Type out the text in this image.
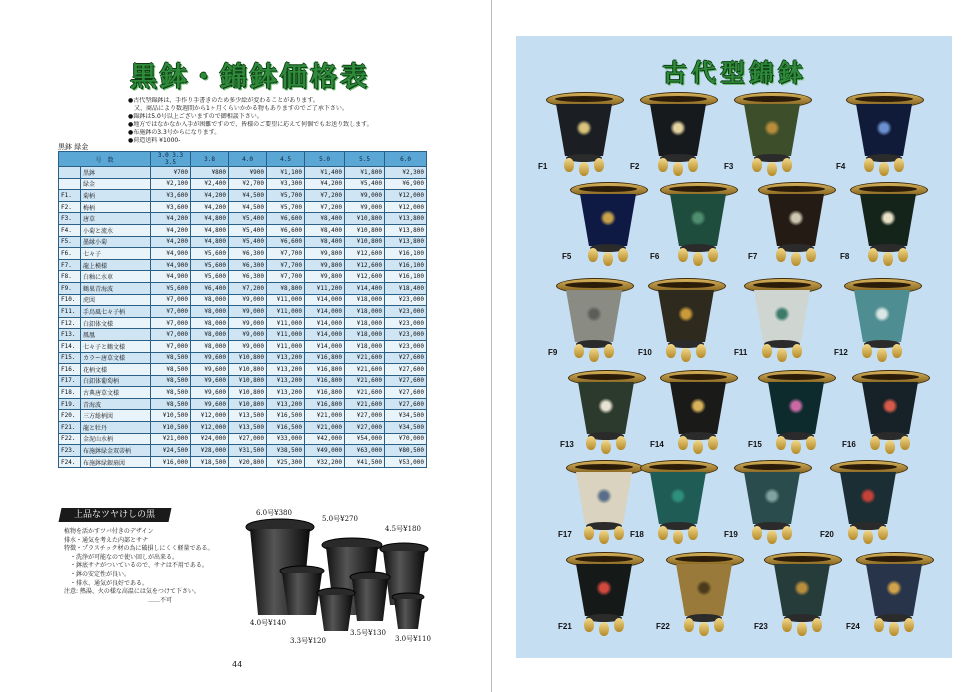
黒鉢・錦鉢価格表
●古代型錦鉢は、手作り手書きのため多少絵が変わることがあります。
　又、商品により数週間から1ヶ月くらいかかる物もありますのでご了承下さい。
●錦鉢は5.0号以上ございますので御相談下さい。
●地方ではなかなか入手が困難ですので、皆様のご要望に応えて何個でもお送り致します。
●布施鉢の3.3号からになります。
●荷造送料 ¥1000-
黒鉢 緑金
号　数		3.0 3.3 3.5	3.8	4.0	4.5	5.0	5.5	6.0
	黒鉢	¥700	¥800	¥900	¥1,100	¥1,400	¥1,800	¥2,300
	緑金	¥2,100	¥2,400	¥2,700	¥3,300	¥4,200	¥5,400	¥6,900
F1.	菊柄	¥3,600	¥4,200	¥4,500	¥5,700	¥7,200	¥9,000	¥12,000
F2.	梅柄	¥3,600	¥4,200	¥4,500	¥5,700	¥7,200	¥9,000	¥12,000
F3.	唐草	¥4,200	¥4,800	¥5,400	¥6,600	¥8,400	¥10,800	¥13,800
F4.	小菊と流水	¥4,200	¥4,800	¥5,400	¥6,600	¥8,400	¥10,800	¥13,800
F5.	墨縁小菊	¥4,200	¥4,800	¥5,400	¥6,600	¥8,400	¥10,800	¥13,800
F6.	七々子	¥4,900	¥5,600	¥6,300	¥7,700	¥9,800	¥12,600	¥16,100
F7.	龍上模様	¥4,900	¥5,600	¥6,300	¥7,700	¥9,800	¥12,600	¥16,100
F8.	白釉に水車	¥4,900	¥5,600	¥6,300	¥7,700	¥9,800	¥12,600	¥16,100
F9.	鶴巣青海波	¥5,600	¥6,400	¥7,200	¥8,800	¥11,200	¥14,400	¥18,400
F10.	虎図	¥7,000	¥8,000	¥9,000	¥11,000	¥14,000	¥18,000	¥23,000
F11.	手鳥風七々子柄	¥7,000	¥8,000	¥9,000	¥11,000	¥14,000	¥18,000	¥23,000
F12.	白釦体文様	¥7,000	¥8,000	¥9,000	¥11,000	¥14,000	¥18,000	¥23,000
F13.	鳳凰	¥7,000	¥8,000	¥9,000	¥11,000	¥14,000	¥18,000	¥23,000
F14.	七々子と鶴文様	¥7,000	¥8,000	¥9,000	¥11,000	¥14,000	¥18,000	¥23,000
F15.	カラー唐草文様	¥8,500	¥9,600	¥10,800	¥13,200	¥16,800	¥21,600	¥27,600
F16.	花柄文様	¥8,500	¥9,600	¥10,800	¥13,200	¥16,800	¥21,600	¥27,600
F17.	白釦体葡萄柄	¥8,500	¥9,600	¥10,800	¥13,200	¥16,800	¥21,600	¥27,600
F18.	古典唐草文様	¥8,500	¥9,600	¥10,800	¥13,200	¥16,800	¥21,600	¥27,600
F19.	青海波	¥8,500	¥9,600	¥10,800	¥13,200	¥16,800	¥21,600	¥27,600
F20.	三方総柄図	¥10,500	¥12,000	¥13,500	¥16,500	¥21,000	¥27,000	¥34,500
F21.	龍と牡丹	¥10,500	¥12,000	¥13,500	¥16,500	¥21,000	¥27,000	¥34,500
F22.	金泥山水柄	¥21,000	¥24,000	¥27,000	¥33,000	¥42,000	¥54,000	¥70,000
F23.	布施鉢緑金双蒂柄	¥24,500	¥28,000	¥31,500	¥38,500	¥49,000	¥63,000	¥80,500
F24.	布施鉢緑銀扇図	¥16,000	¥18,500	¥20,800	¥25,300	¥32,200	¥41,500	¥53,000
上品なツヤけしの黒
植物を活かすツバ付きのデザイン
排水・通気を考えた内部とサナ
特徴・プラスチック材の為に破損しにくく軽量である。
　・洗浄が可能なので使い回しが出来る。
　・鉢底サナがついているので、サナは不用である。
　・鉢の安定性が良い。
　・排水、通気が良好である。
注意: 熱湯、火の様な高温には気をつけて下さい。
　　　　　　　　　　　　　　……不可
6.0号¥380
5.0号¥270
4.5号¥180
4.0号¥140
3.3号¥120
3.5号¥130
3.0号¥110
44
古代型錦鉢
F1	F2	F3	F4
F5	F6	F7	F8
F9	F10	F11	F12
F13	F14	F15	F16
F17	F18	F19	F20
F21	F22	F23	F24
